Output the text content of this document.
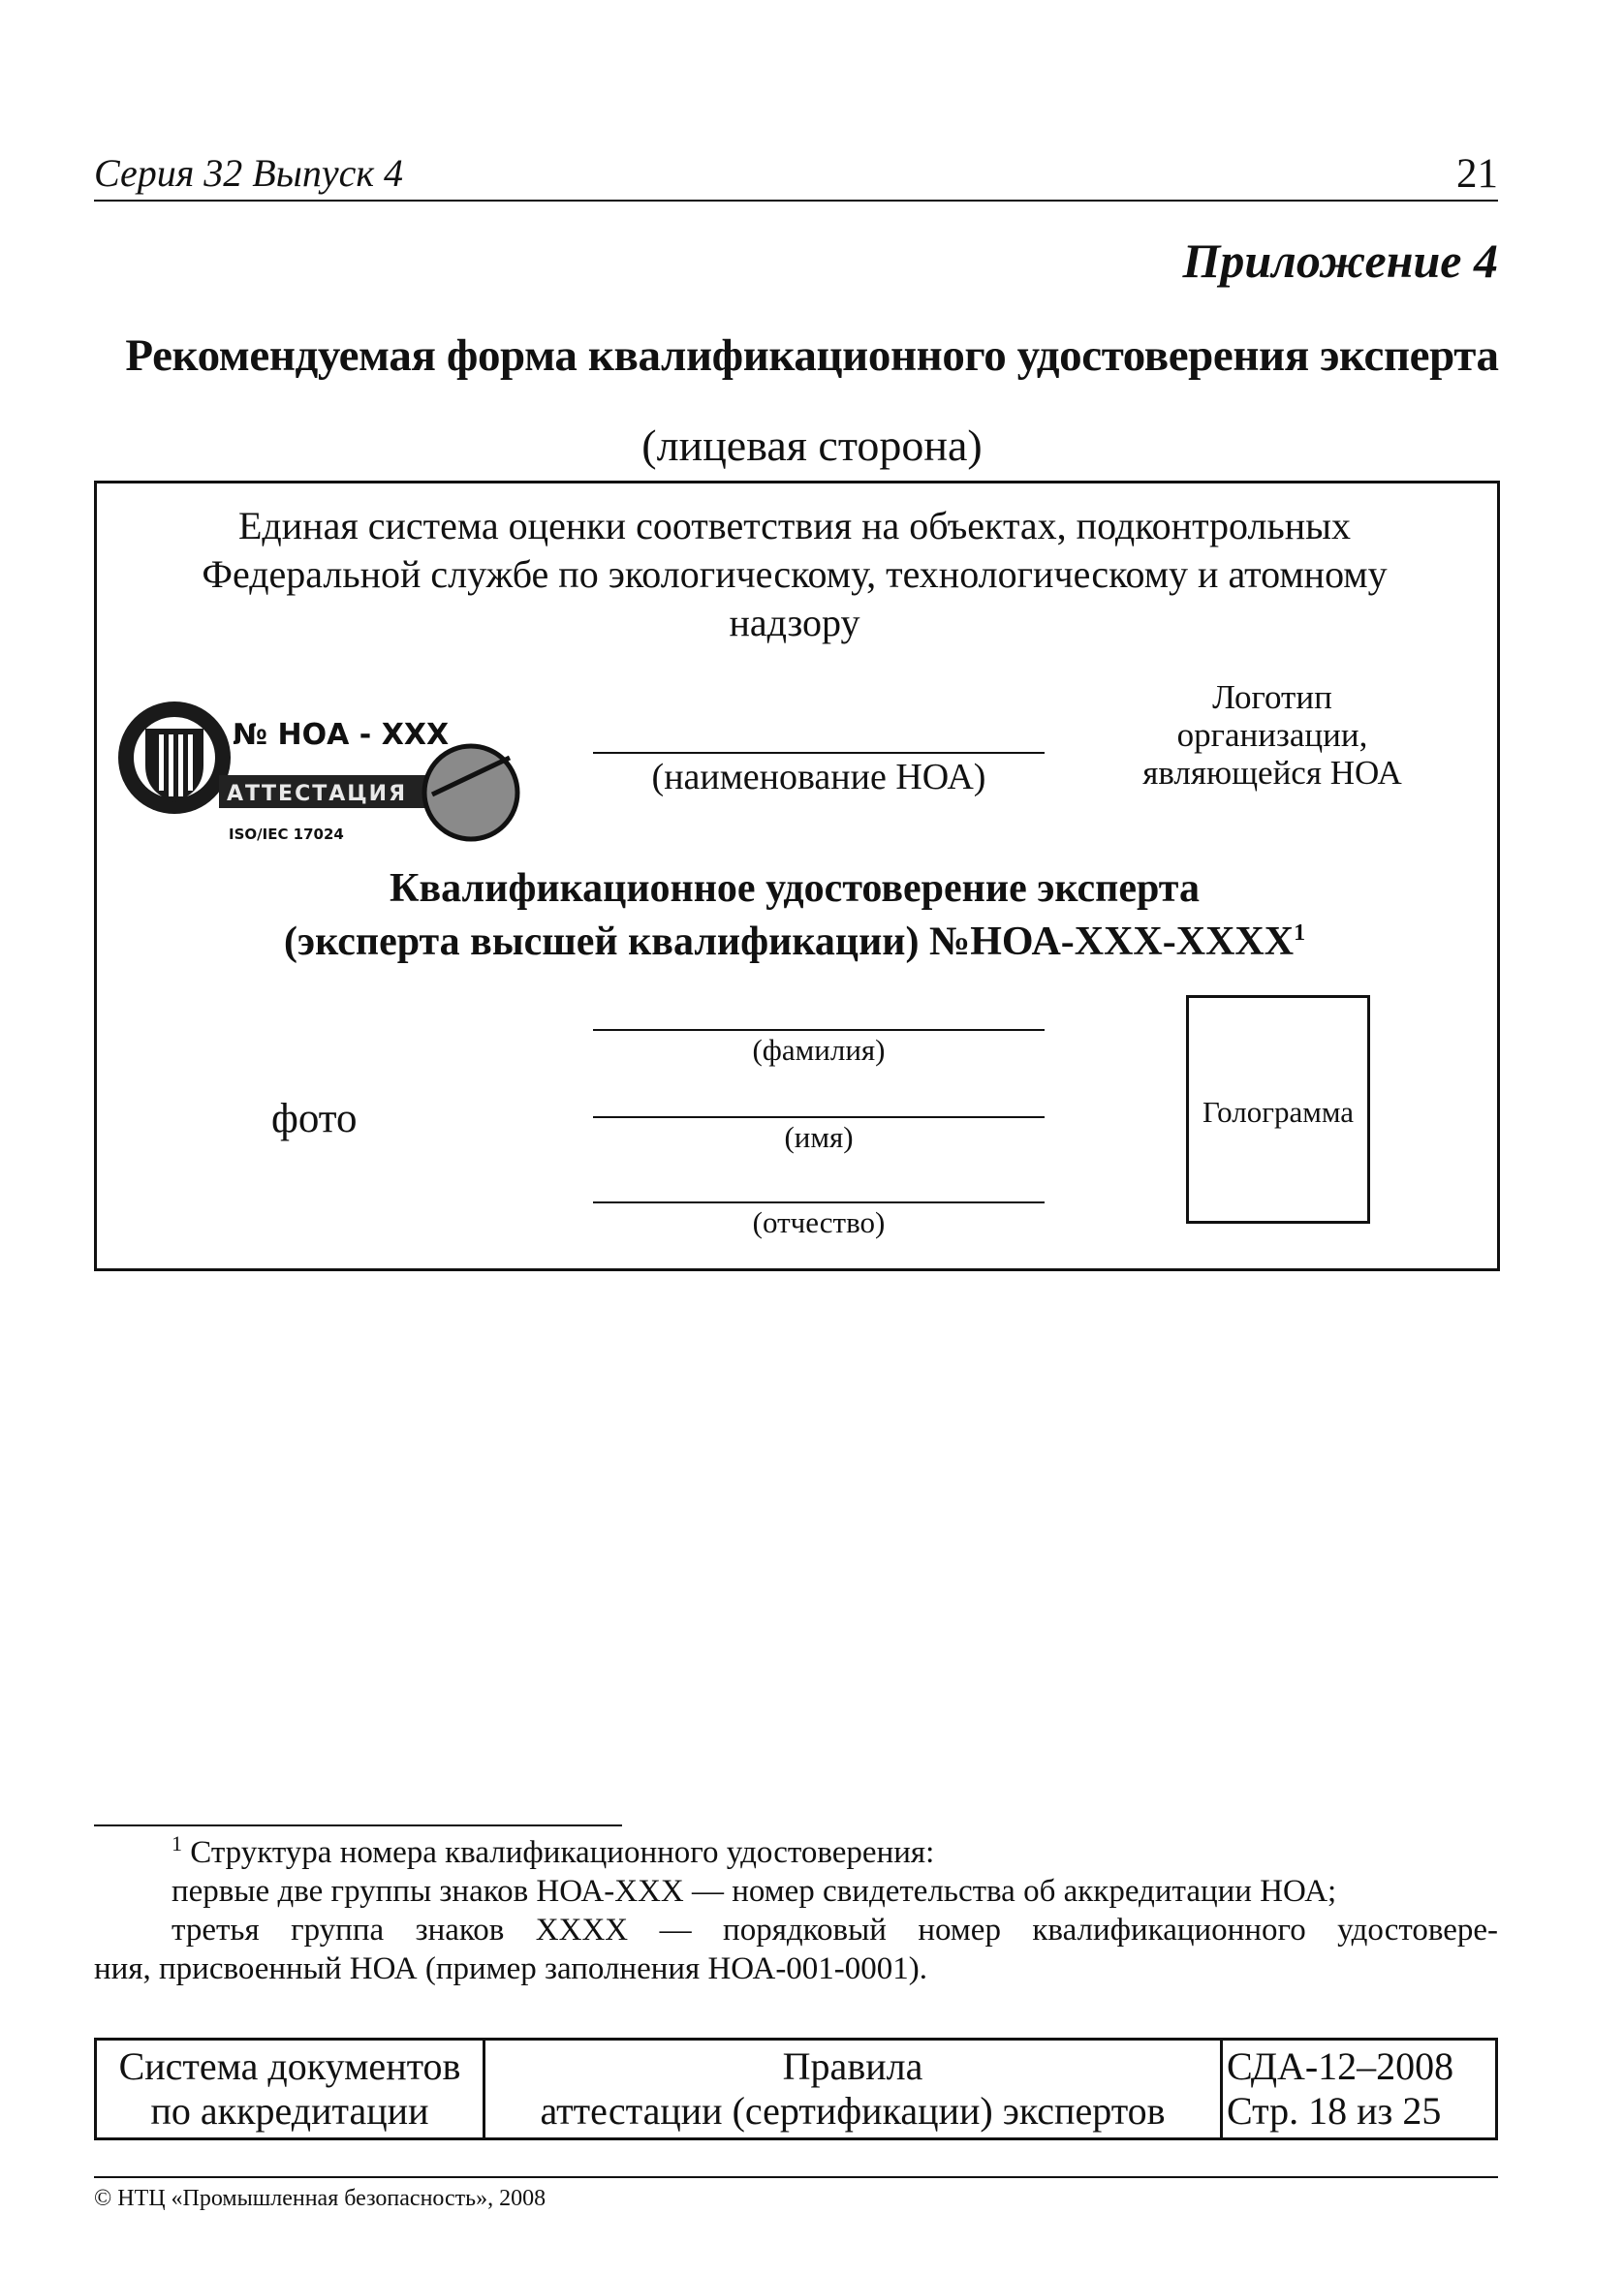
Серия 32 Выпуск 4	21
Приложение 4
Рекомендуемая форма квалификационного удостоверения эксперта
(лицевая сторона)
Единая система оценки соответствия на объектах, подконтрольных
Федеральной службе по экологическому, технологическому и атомному
надзору
№ НОА - XXX
АТТЕСТАЦИЯ
ISO/IEC 17024
(наименование НОА)
Логотип
организации,
являющейся НОА
Квалификационное удостоверение эксперта
(эксперта высшей квалификации) №НОА-XXX-XXXX$^1$
(фамилия)
(имя)
(отчество)
фото	Голограмма
$^1$ Структура номера квалификационного удостоверения:
первые две группы знаков НОА-XXX — номер свидетельства об аккредитации НОА;
третья группа знаков XXXX — порядковый номер квалификационного удостовере-
ния, присвоенный НОА (пример заполнения НОА-001-0001).
Система документов
по аккредитации

Правила
аттестации (сертификации) экспертов

СДА-12–2008
Стр. 18 из 25
© НТЦ «Промышленная безопасность», 2008
